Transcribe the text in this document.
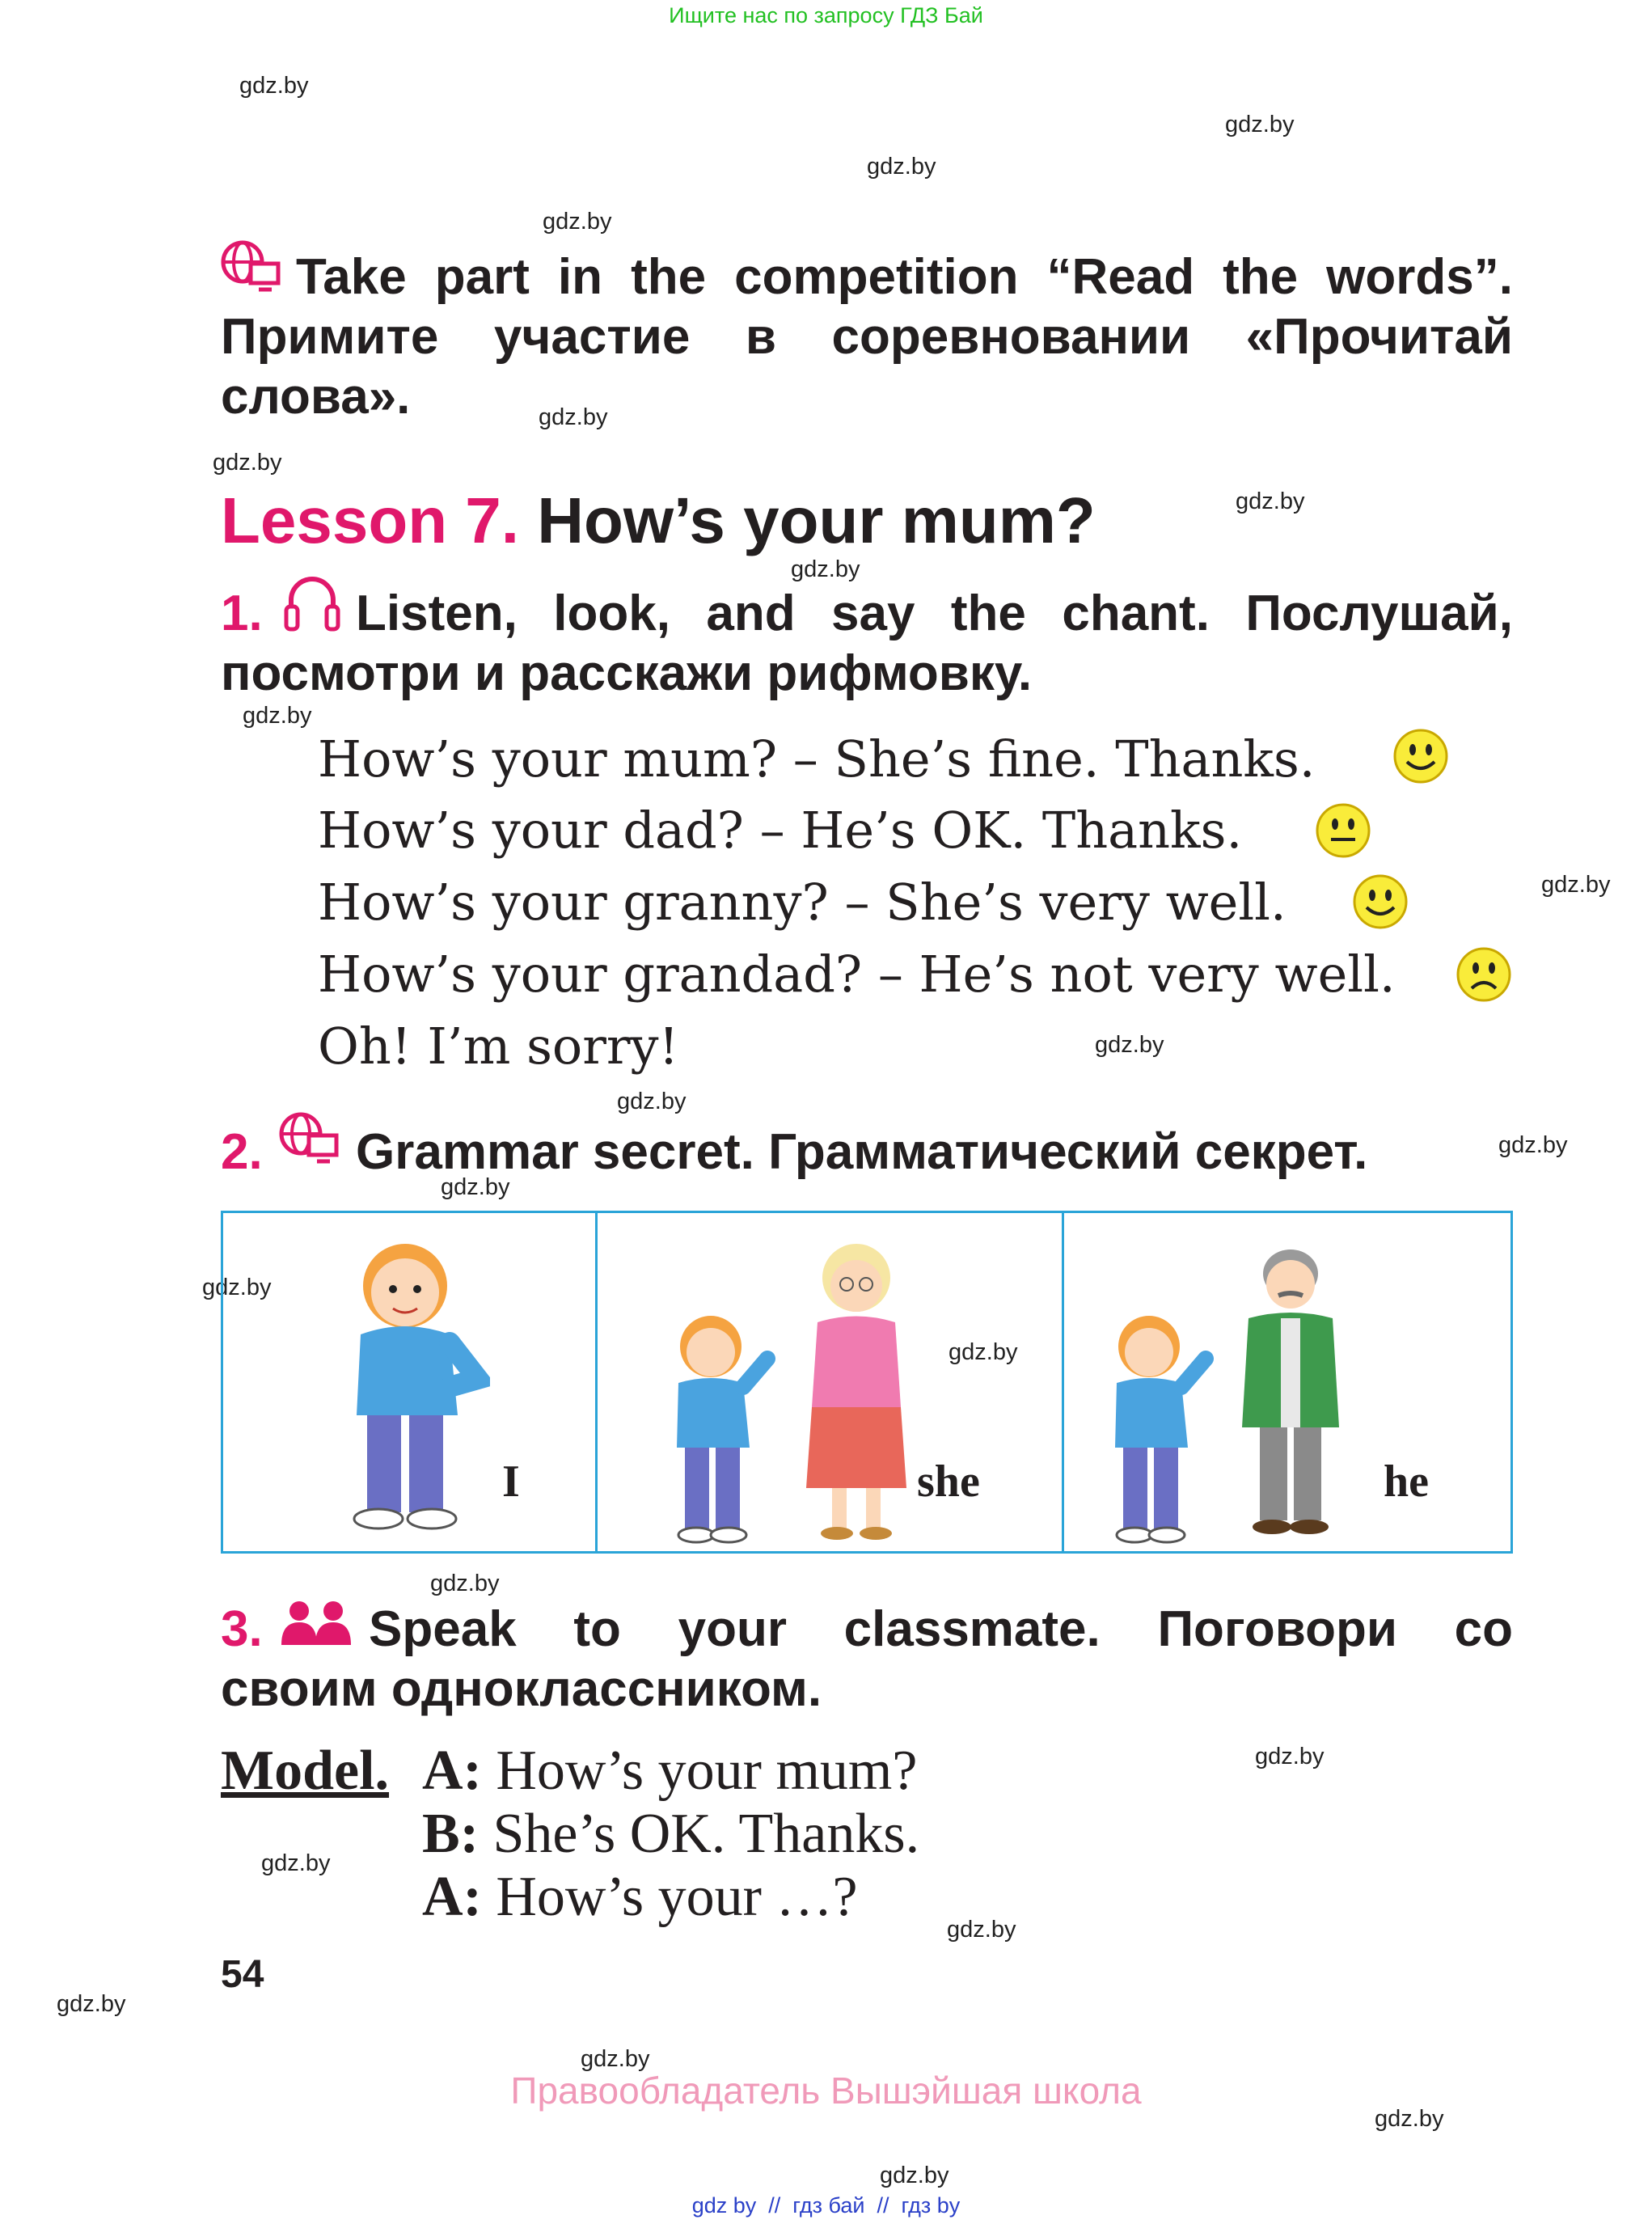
Ищите нас по запросу ГДЗ Бай
gdz.by
gdz.by
gdz.by
gdz.by
gdz.by
gdz.by
gdz.by
gdz.by
gdz.by
gdz.by
gdz.by
gdz.by
gdz.by
gdz.by
gdz.by
gdz.by
gdz.by
gdz.by
gdz.by
gdz.by
gdz.by
gdz.by
gdz.by
gdz.by
Take part in the competition “Read the words”.
Примите участие в соревновании «Прочитай
слова».
Lesson 7. How’s your mum?
1. Listen, look, and say the chant. Послушай,
посмотри и расскажи рифмовку.
How’s your mum? – She’s fine. Thanks.
How’s your dad? – He’s OK. Thanks.
How’s your granny? – She’s very well.
How’s your grandad? – He’s not very well.
Oh! I’m sorry!
2. Grammar secret. Грамматический секрет.
I	she	he
3. Speak to your classmate. Поговори со
своим одноклассником.
Model. A: How’s your mum?
B: She’s OK. Thanks.
A: How’s your …?
54
Правообладатель Вышэйшая школа
gdz by  //  гдз бай  //  гдз by
